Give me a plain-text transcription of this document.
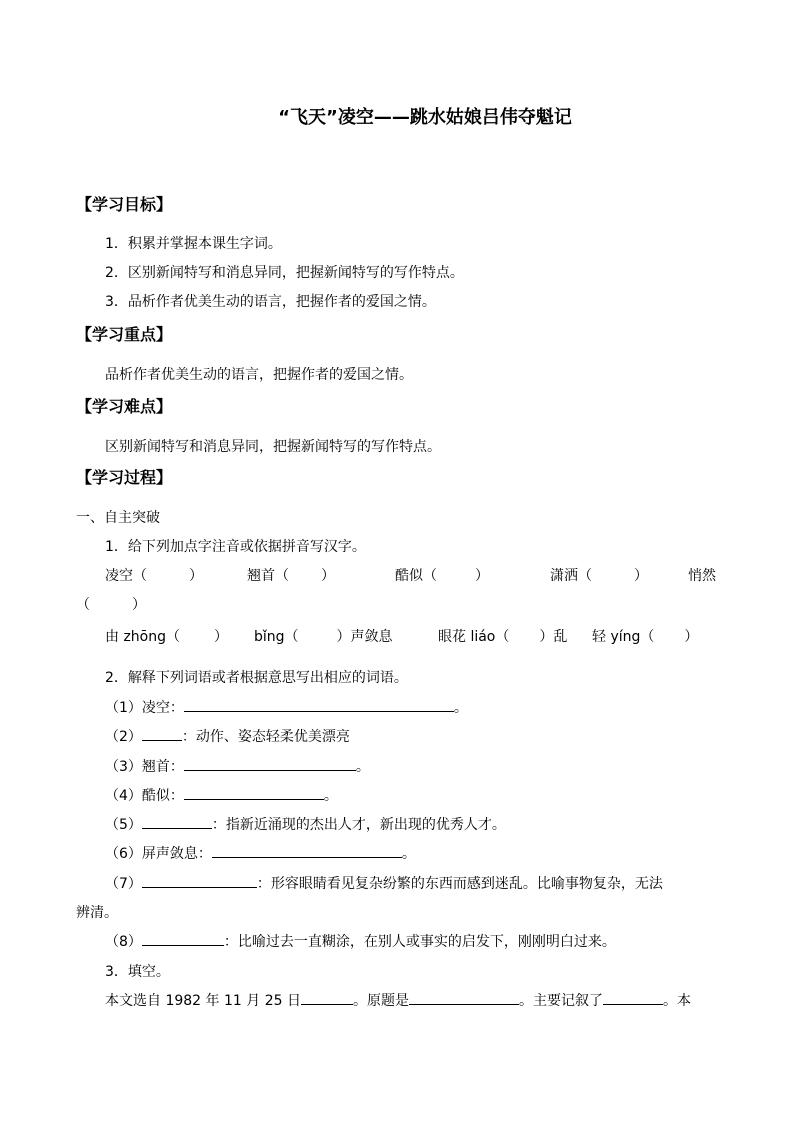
“飞天”凌空——跳水姑娘吕伟夺魁记
【学习目标】
1．积累并掌握本课生字词。
2．区别新闻特写和消息异同，把握新闻特写的写作特点。
3．品析作者优美生动的语言，把握作者的爱国之情。
【学习重点】
品析作者优美生动的语言，把握作者的爱国之情。
【学习难点】
区别新闻特写和消息异同，把握新闻特写的写作特点。
【学习过程】
一、自主突破
1．给下列加点字注音或依据拼音写汉字。
凌空（	）	翘首（ ）	酷似（	）	潇洒（	）	悄然
（　　　）
由 zhōng（ ） bǐng（	）声敛息	眼花 liáo（ ）乱 轻 yíng（ ）
2．解释下列词语或者根据意思写出相应的词语。
（1）凌空：	。
（2）	：动作、姿态轻柔优美漂亮
（3）翘首：	。
（4）酷似：	。
（5）	：指新近涌现的杰出人才，新出现的优秀人才。
（6）屏声敛息：	。
（7）	：形容眼睛看见复杂纷繁的东西而感到迷乱。比喻事物复杂，无法
辨清。
（8）	：比喻过去一直糊涂，在别人或事实的启发下，刚刚明白过来。
3．填空。
本文选自 1982 年 11 月 25 日	。原题是	。主要记叙了	。本
